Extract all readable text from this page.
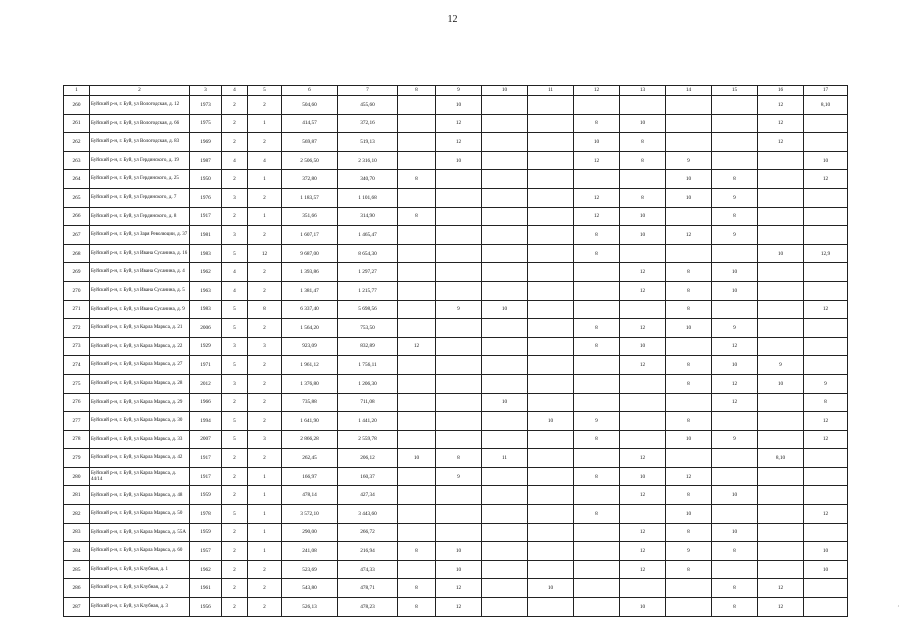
12
1	2	3	4	5	6	7	8	9	10	11	12	13	14	15	16	17
260	Буйский р-н, г. Буй, ул Вологодская, д. 12	1973	2	2	504,60	455,60		10							12	8,10
261	Буйский р-н, г. Буй, ул Вологодская, д. 66	1975	2	1	414,57	372,16		12			8	10			12	
262	Буйский р-н, г. Буй, ул Вологодская, д. 83	1969	2	2	569,87	519,13		12			10	8			12	
263	Буйский р-н, г. Буй, ул Гердинского, д. 19	1987	4	4	2 506,50	2 316,10		10			12	8	9			10
264	Буйский р-н, г. Буй, ул Гердинского, д. 25	1950	2	1	372,80	340,70	8						10	8		12
265	Буйский р-н, г. Буй, ул Гердинского, д. 7	1976	3	2	1 183,57	1 101,68					12	8	10	9		
266	Буйский р-н, г. Буй, ул Гердинского, д. 8	1917	2	1	351,66	314,90	8				12	10		8		
267	Буйский р-н, г. Буй, ул Заря Революции, д. 37	1981	3	2	1 607,17	1 465,47					8	10	12	9		
268	Буйский р-н, г. Буй, ул Ивана Сусанина, д. 16	1983	5	12	9 687,00	8 654,30					8				10	12,9
269	Буйский р-н, г. Буй, ул Ивана Сусанина, д. 4	1962	4	2	1 393,86	1 297,27						12	8	10		
270	Буйский р-н, г. Буй, ул Ивана Сусанина, д. 5	1963	4	2	1 381,47	1 215,77						12	8	10		
271	Буйский р-н, г. Буй, ул Ивана Сусанина, д. 9	1983	5	8	6 337,40	5 698,56		9	10				8			12
272	Буйский р-н, г. Буй, ул Карла Маркса, д. 21	2006	5	2	1 564,20	753,50					8	12	10	9		
273	Буйский р-н, г. Буй, ул Карла Маркса, д. 22	1929	3	3	923,09	832,89	12				8	10		12		
274	Буйский р-н, г. Буй, ул Карла Маркса, д. 27	1971	5	2	1 961,12	1 756,11						12	8	10	9	
275	Буйский р-н, г. Буй, ул Карла Маркса, д. 28	2012	3	2	1 376,80	1 206,30							8	12	10	9
276	Буйский р-н, г. Буй, ул Карла Маркса, д. 29	1966	2	2	735,88	711,08			10					12		8
277	Буйский р-н, г. Буй, ул Карла Маркса, д. 30	1994	5	2	1 641,90	1 441,20				10	9		8			12
278	Буйский р-н, г. Буй, ул Карла Маркса, д. 33	2007	5	3	2 866,28	2 559,78					8		10	9		12
279	Буйский р-н, г. Буй, ул Карла Маркса, д. 42	1917	2	2	262,45	206,12	10	8	11			12			8,10	
280	Буйский р-н, г. Буй, ул Карла Маркса, д. 44/14	1917	2	1	166,97	160,37		9			8	10	12			
281	Буйский р-н, г. Буй, ул Карла Маркса, д. 48	1959	2	1	478,14	427,34						12	8	10		
282	Буйский р-н, г. Буй, ул Карла Маркса, д. 50	1978	5	1	3 572,10	3 443,60					8		10			12
283	Буйский р-н, г. Буй, ул Карла Маркса, д. 55А	1959	2	1	290,00	266,72						12	8	10		
284	Буйский р-н, г. Буй, ул Карла Маркса, д. 60	1957	2	1	241,08	216,94	8	10				12	9	8		10
285	Буйский р-н, г. Буй, ул Клубная, д. 1	1962	2	2	523,69	474,33		10				12	8			10
286	Буйский р-н, г. Буй, ул Клубная, д. 2	1961	2	2	543,80	478,71	8	12		10				8	12	
287	Буйский р-н, г. Буй, ул Клубная, д. 3	1956	2	2	526,13	478,23	8	12				10		8	12		,
